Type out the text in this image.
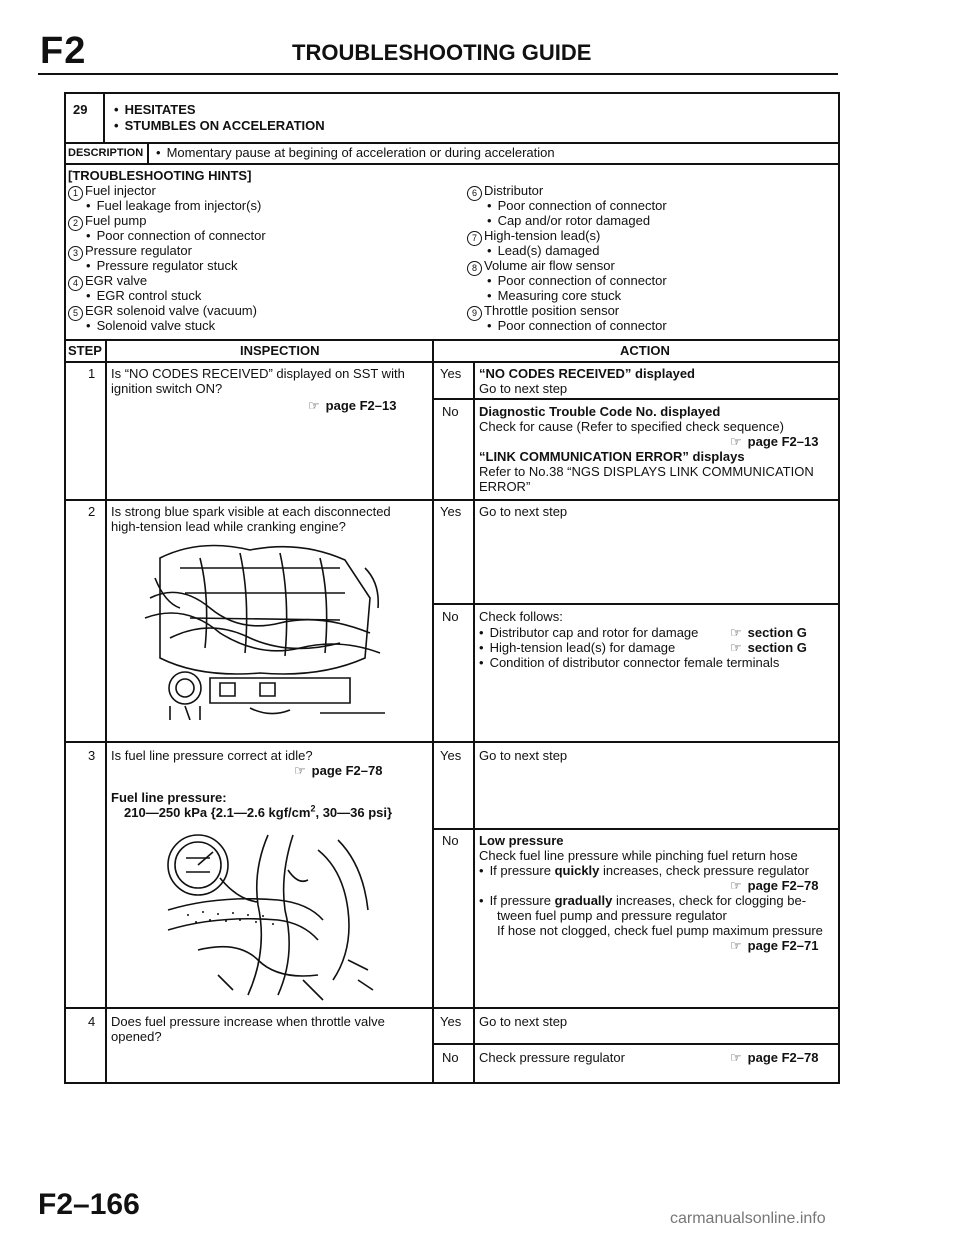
F2	TROUBLESHOOTING GUIDE
29	• HESITATES
• STUMBLES ON ACCELERATION
DESCRIPTION	• Momentary pause at begining of acceleration or during acceleration
[TROUBLESHOOTING HINTS]
1 Fuel injector
• Fuel leakage from injector(s)
2 Fuel pump
• Poor connection of connector
3 Pressure regulator
• Pressure regulator stuck
4 EGR valve
• EGR control stuck
5 EGR solenoid valve (vacuum)
• Solenoid valve stuck
6 Distributor
• Poor connection of connector
• Cap and/or rotor damaged
7 High-tension lead(s)
• Lead(s) damaged
8 Volume air flow sensor
• Poor connection of connector
• Measuring core stuck
9 Throttle position sensor
• Poor connection of connector
STEP	INSPECTION	ACTION
1 Is “NO CODES RECEIVED” displayed on SST with
ignition switch ON?
☞ page F2–13
Yes “NO CODES RECEIVED” displayed
Go to next step
No Diagnostic Trouble Code No. displayed
Check for cause (Refer to specified check sequence)
☞ page F2–13
“LINK COMMUNICATION ERROR” displays
Refer to No.38 “NGS DISPLAYS LINK COMMUNICATION
ERROR”
2 Is strong blue spark visible at each disconnected
high-tension lead while cranking engine?
Yes Go to next step
No Check follows:
• Distributor cap and rotor for damage ☞ section G
• High-tension lead(s) for damage	☞ section G
• Condition of distributor connector female terminals
3 Is fuel line pressure correct at idle?
☞ page F2–78
Fuel line pressure:
210—250 kPa {2.1—2.6 kgf/$cm^2$, 30—36 psi}
Yes Go to next step
No Low pressure
Check fuel line pressure while pinching fuel return hose
• If pressure quickly increases, check pressure regulator
☞ page F2–78
• If pressure gradually increases, check for clogging be-
tween fuel pump and pressure regulator
If hose not clogged, check fuel pump maximum pressure
☞ page F2–71
4 Does fuel pressure increase when throttle valve
opened?
Yes Go to next step
No Check pressure regulator	☞ page F2–78
F2–166	carmanualsonline.info
